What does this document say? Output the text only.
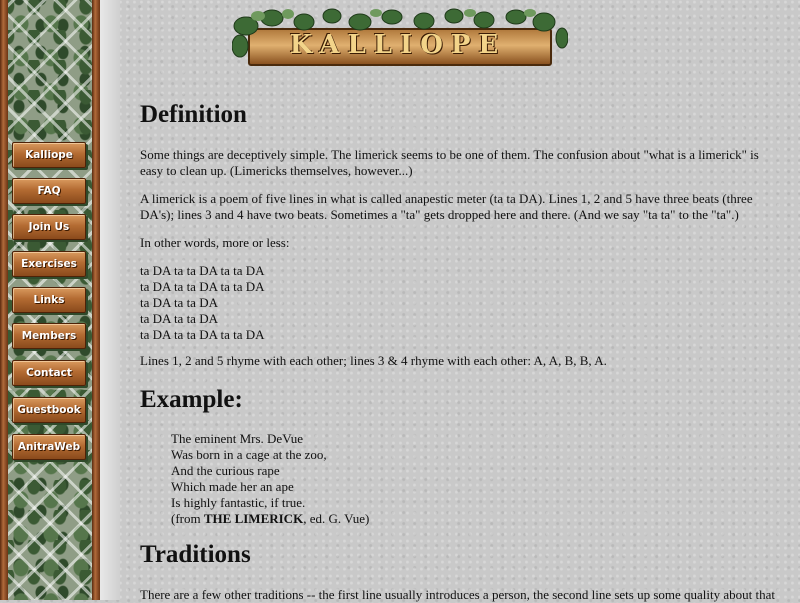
Kalliope
FAQ
Join Us
Exercises
Links
Members
Contact
Guestbook
AnitraWeb
KALLIOPE
Definition

Some things are deceptively simple. The limerick seems to be one of them. The confusion about "what is a limerick" is easy to clean up. (Limericks themselves, however...)

A limerick is a poem of five lines in what is called anapestic meter (ta ta DA). Lines 1, 2 and 5 have three beats (three DA's); lines 3 and 4 have two beats. Sometimes a "ta" gets dropped here and there. (And we say "ta ta" to the "ta".)

In other words, more or less:

ta DA ta ta DA ta ta DA
ta DA ta ta DA ta ta DA
ta DA ta ta DA
ta DA ta ta DA
ta DA ta ta DA ta ta DA

Lines 1, 2 and 5 rhyme with each other; lines 3 & 4 rhyme with each other: A, A, B, B, A.

Example:
The eminent Mrs. DeVue
Was born in a cage at the zoo,
And the curious rape
Which made her an ape
Is highly fantastic, if true.
(from THE LIMERICK, ed. G. Vue)
Traditions

There are a few other traditions -- the first line usually introduces a person, the second line sets up some quality about that
